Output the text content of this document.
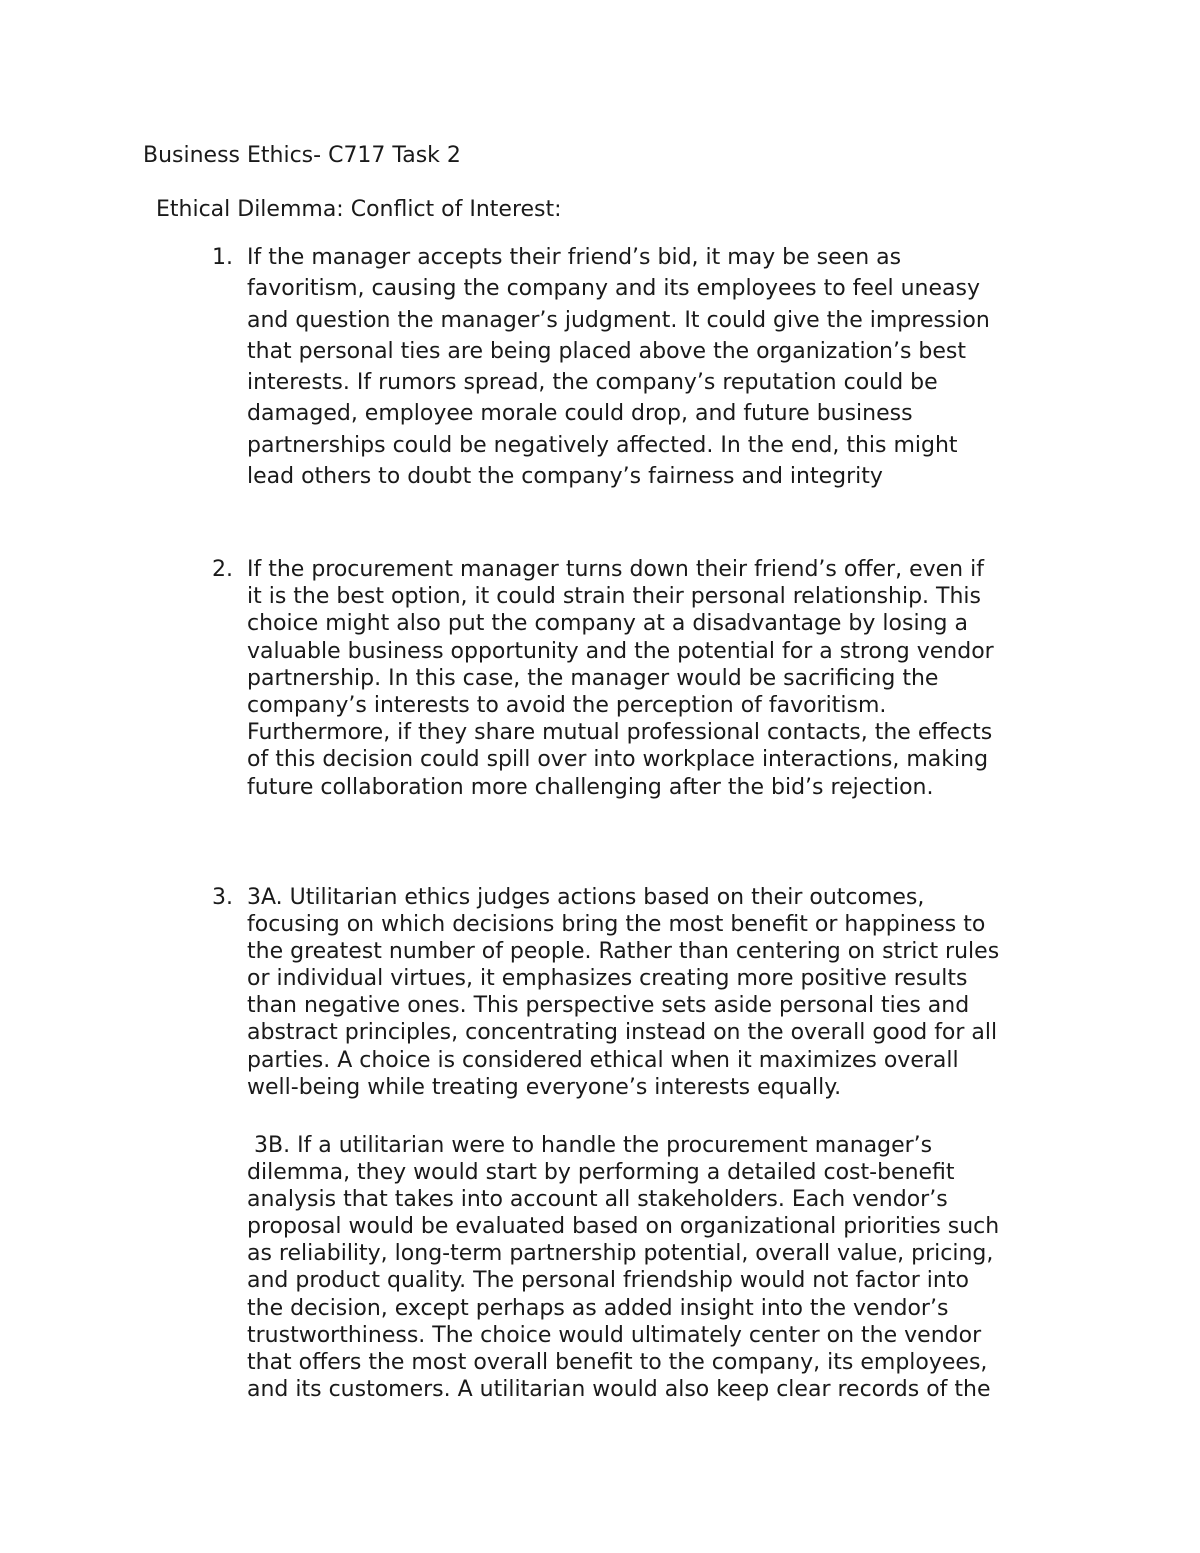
Business Ethics- C717 Task 2
Ethical Dilemma: Conflict of Interest:
1. If the manager accepts their friend’s bid, it may be seen as
favoritism, causing the company and its employees to feel uneasy
and question the manager’s judgment. It could give the impression
that personal ties are being placed above the organization’s best
interests. If rumors spread, the company’s reputation could be
damaged, employee morale could drop, and future business
partnerships could be negatively affected. In the end, this might
lead others to doubt the company’s fairness and integrity
2. If the procurement manager turns down their friend’s offer, even if
it is the best option, it could strain their personal relationship. This
choice might also put the company at a disadvantage by losing a
valuable business opportunity and the potential for a strong vendor
partnership. In this case, the manager would be sacrificing the
company’s interests to avoid the perception of favoritism.
Furthermore, if they share mutual professional contacts, the effects
of this decision could spill over into workplace interactions, making
future collaboration more challenging after the bid’s rejection.
3. 3A. Utilitarian ethics judges actions based on their outcomes,
focusing on which decisions bring the most benefit or happiness to
the greatest number of people. Rather than centering on strict rules
or individual virtues, it emphasizes creating more positive results
than negative ones. This perspective sets aside personal ties and
abstract principles, concentrating instead on the overall good for all
parties. A choice is considered ethical when it maximizes overall
well-being while treating everyone’s interests equally.
3B. If a utilitarian were to handle the procurement manager’s
dilemma, they would start by performing a detailed cost-benefit
analysis that takes into account all stakeholders. Each vendor’s
proposal would be evaluated based on organizational priorities such
as reliability, long-term partnership potential, overall value, pricing,
and product quality. The personal friendship would not factor into
the decision, except perhaps as added insight into the vendor’s
trustworthiness. The choice would ultimately center on the vendor
that offers the most overall benefit to the company, its employees,
and its customers. A utilitarian would also keep clear records of the
